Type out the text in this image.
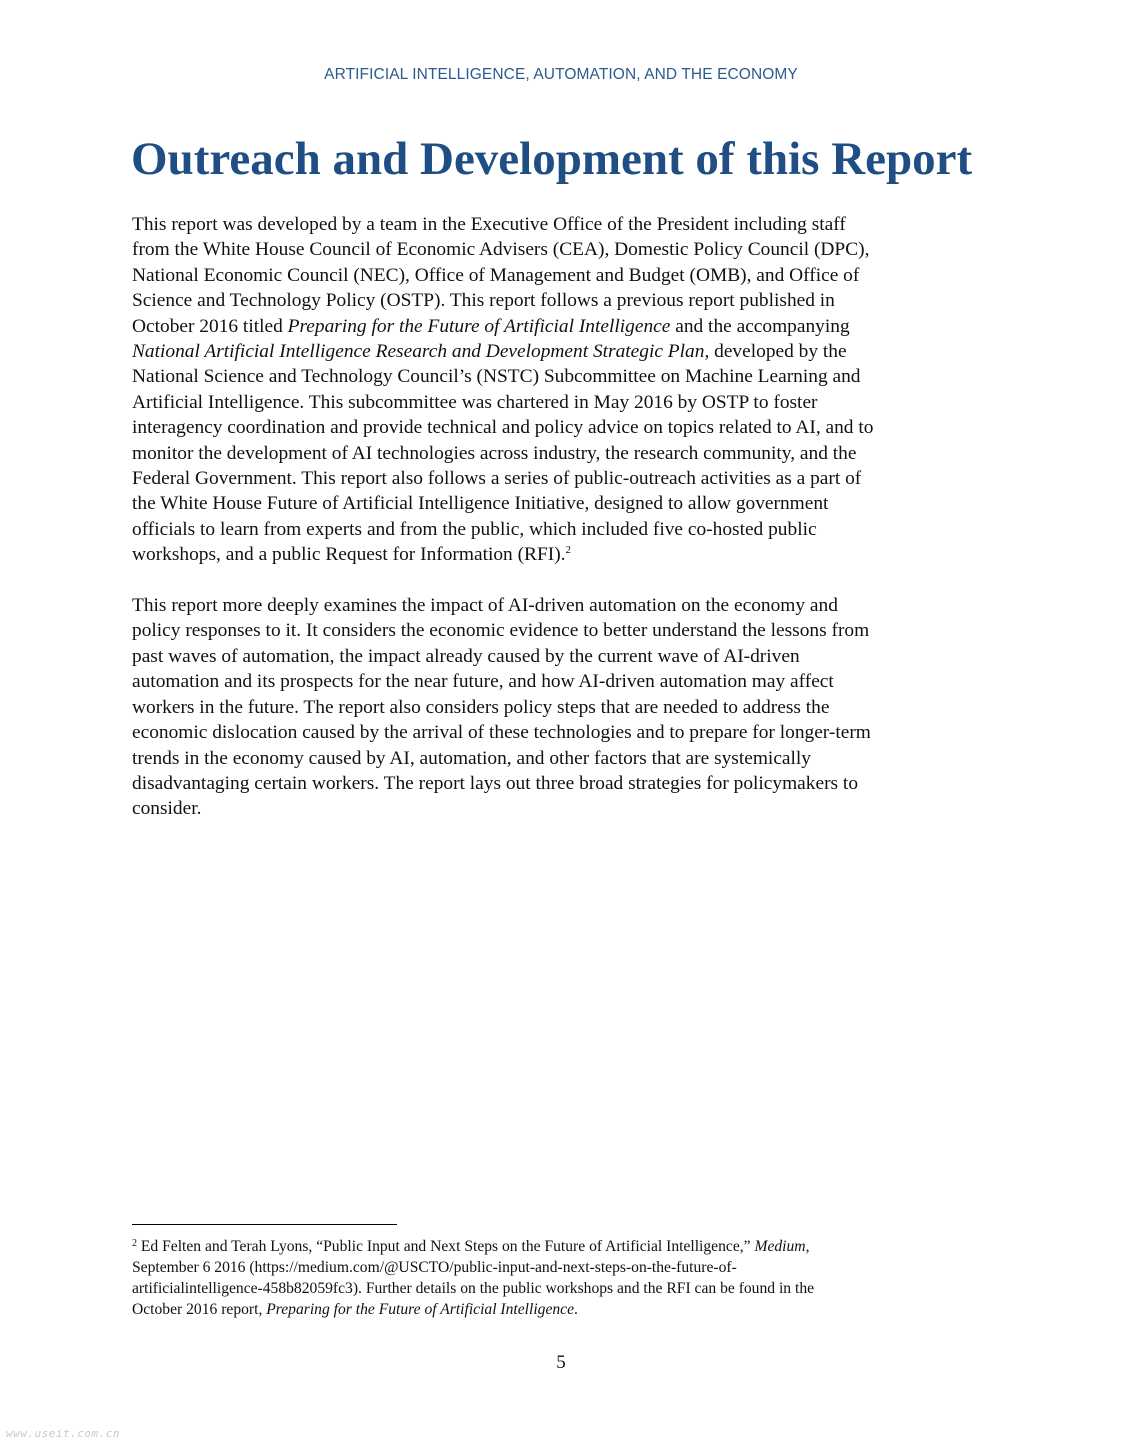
ARTIFICIAL INTELLIGENCE, AUTOMATION, AND THE ECONOMY
Outreach and Development of this Report

This report was developed by a team in the Executive Office of the President including staff
from the White House Council of Economic Advisers (CEA), Domestic Policy Council (DPC),
National Economic Council (NEC), Office of Management and Budget (OMB), and Office of
Science and Technology Policy (OSTP). This report follows a previous report published in
October 2016 titled Preparing for the Future of Artificial Intelligence and the accompanying
National Artificial Intelligence Research and Development Strategic Plan, developed by the
National Science and Technology Council’s (NSTC) Subcommittee on Machine Learning and
Artificial Intelligence. This subcommittee was chartered in May 2016 by OSTP to foster
interagency coordination and provide technical and policy advice on topics related to AI, and to
monitor the development of AI technologies across industry, the research community, and the
Federal Government. This report also follows a series of public-outreach activities as a part of
the White House Future of Artificial Intelligence Initiative, designed to allow government
officials to learn from experts and from the public, which included five co-hosted public
workshops, and a public Request for Information (RFI).$^2$

This report more deeply examines the impact of AI-driven automation on the economy and
policy responses to it. It considers the economic evidence to better understand the lessons from
past waves of automation, the impact already caused by the current wave of AI-driven
automation and its prospects for the near future, and how AI-driven automation may affect
workers in the future. The report also considers policy steps that are needed to address the
economic dislocation caused by the arrival of these technologies and to prepare for longer-term
trends in the economy caused by AI, automation, and other factors that are systemically
disadvantaging certain workers. The report lays out three broad strategies for policymakers to
consider.

$^2$ Ed Felten and Terah Lyons, “Public Input and Next Steps on the Future of Artificial Intelligence,” Medium,
September 6 2016 (https://medium.com/@USCTO/public-input-and-next-steps-on-the-future-of-
artificialintelligence-458b82059fc3). Further details on the public workshops and the RFI can be found in the
October 2016 report, Preparing for the Future of Artificial Intelligence.
5
www.useit.com.cn
